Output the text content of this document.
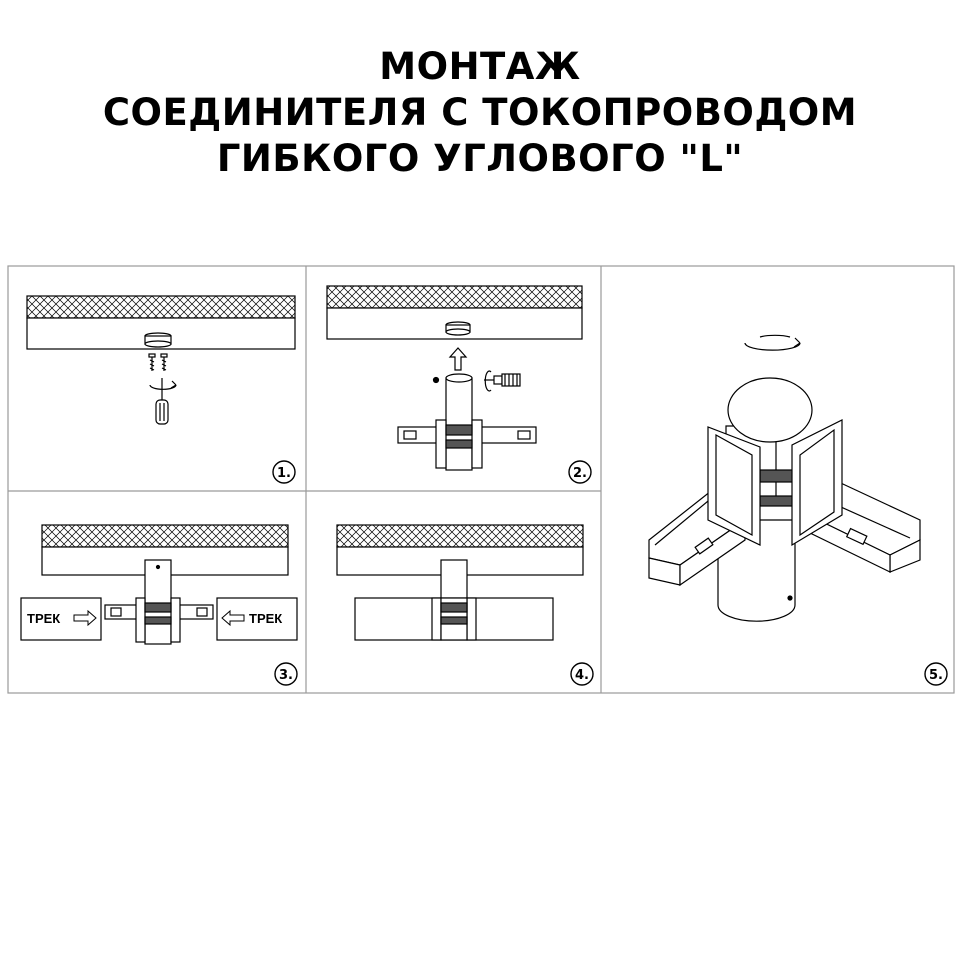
МОНТАЖ
СОЕДИНИТЕЛЯ С ТОКОПРОВОДОМ
ГИБКОГО УГЛОВОГО "L"
1.	2.
ТРЕК	ТРЕК
3.	4.	5.
